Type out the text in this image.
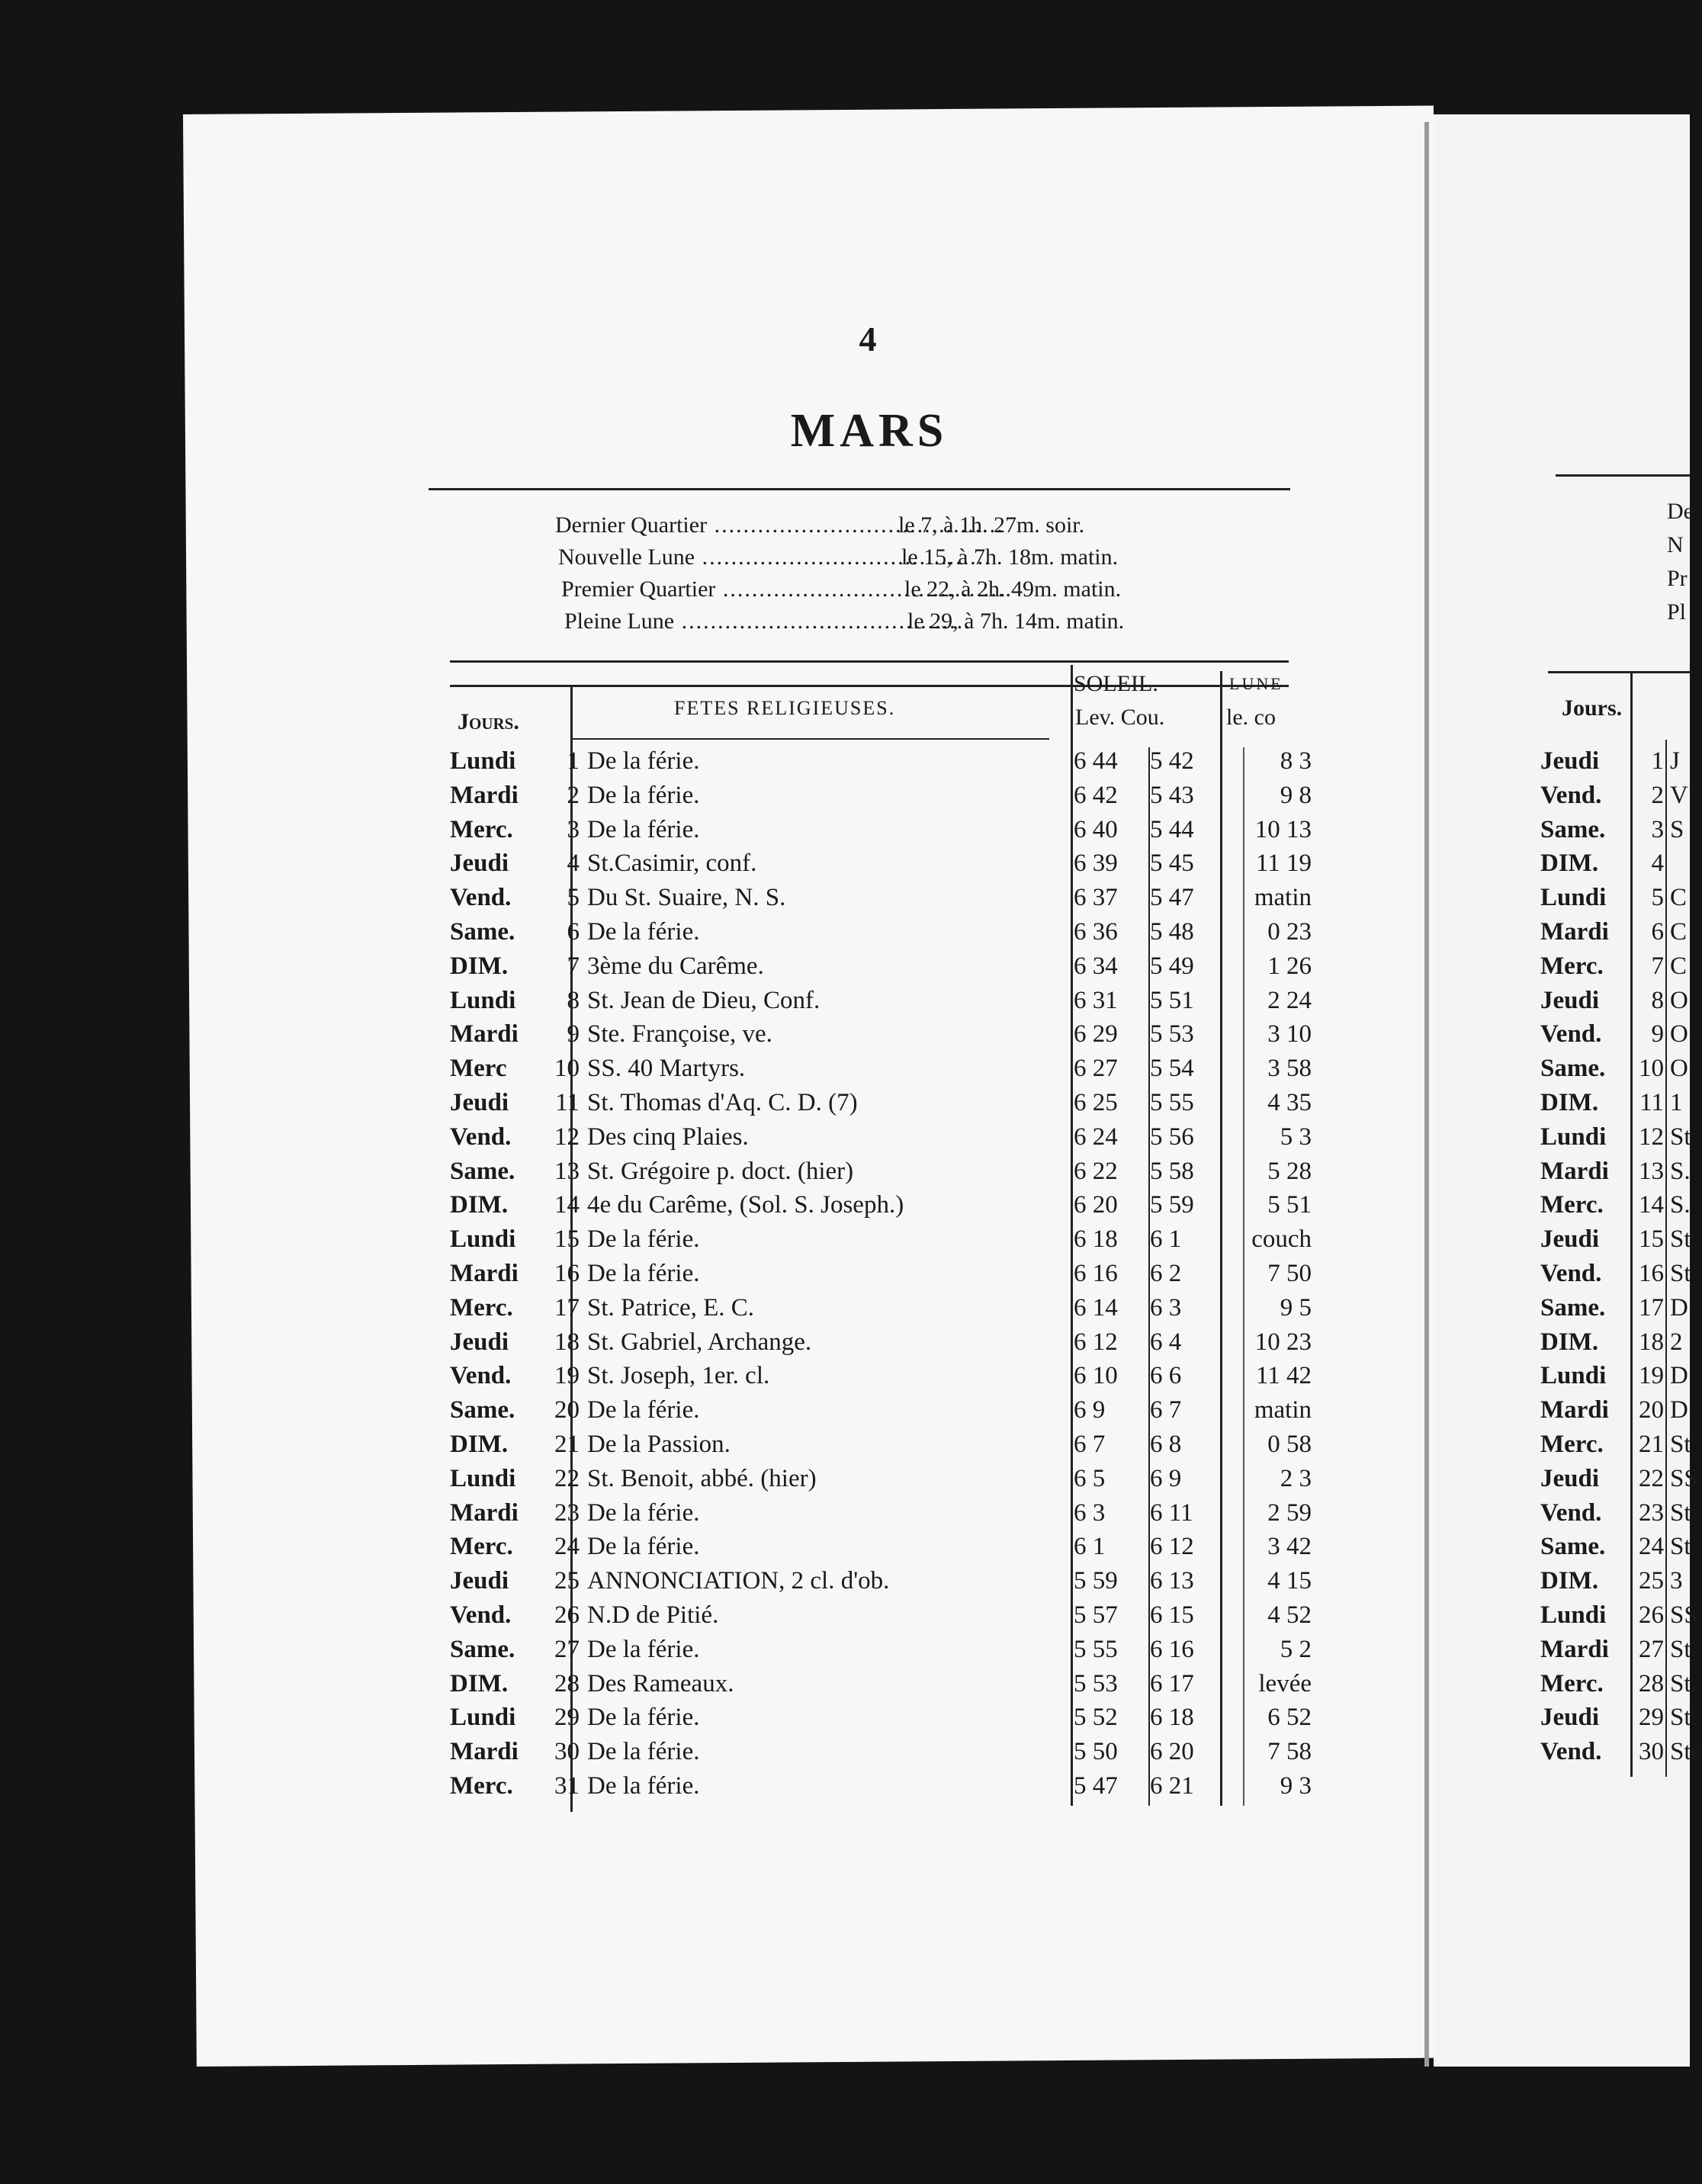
4
MARS
Dernier Quartier .....	le 7, à 1h. 27m. soir.
Nouvelle Lune .....	le 15, à 7h. 18m. matin.
Premier Quartier .....	le 22, à 2h. 49m. matin.
Pleine Lune .....	le 29, à 7h. 14m. matin.
Jours.
FETES RELIGIEUSES.
SOLEIL.	LUNE
Lev. Cou.	le. co
Lundi	1 De la férie.	6 44	5 42	8 3
Mardi	2 De la férie.	6 42	5 43	9 8
Merc.	3 De la férie.	6 40	5 44	10 13
Jeudi	4 St.Casimir, conf.	6 39	5 45	11 19
Vend.	5 Du St. Suaire, N. S.	6 37	5 47	matin
Same.	6 De la férie.	6 36	5 48	0 23
DIM.	7 3ème du Carême.	6 34	5 49	1 26
Lundi	8 St. Jean de Dieu, Conf.	6 31	5 51	2 24
Mardi	9 Ste. Françoise, ve.	6 29	5 53	3 10
Merc	10 SS. 40 Martyrs.	6 27	5 54	3 58
Jeudi	11 St. Thomas d'Aq. C. D. (7)	6 25	5 55	4 35
Vend.	12 Des cinq Plaies.	6 24	5 56	5 3
Same.	13 St. Grégoire p. doct. (hier)	6 22	5 58	5 28
DIM.	14 4e du Carême, (Sol. S. Joseph.)	6 20	5 59	5 51
Lundi	15 De la férie.	6 18	6 1	couch
Mardi	16 De la férie.	6 16	6 2	7 50
Merc.	17 St. Patrice, E. C.	6 14	6 3	9 5
Jeudi	18 St. Gabriel, Archange.	6 12	6 4	10 23
Vend.	19 St. Joseph, 1er. cl.	6 10	6 6	11 42
Same.	20 De la férie.	6 9	6 7	matin
DIM.	21 De la Passion.	6 7	6 8	0 58
Lundi	22 St. Benoit, abbé. (hier)	6 5	6 9	2 3
Mardi	23 De la férie.	6 3	6 11	2 59
Merc.	24 De la férie.	6 1	6 12	3 42
Jeudi	25 ANNONCIATION, 2 cl. d'ob.	5 59	6 13	4 15
Vend.	26 N.D de Pitié.	5 57	6 15	4 52
Same.	27 De la férie.	5 55	6 16	5 2
DIM.	28 Des Rameaux.	5 53	6 17	levée
Lundi	29 De la férie.	5 52	6 18	6 52
Mardi	30 De la férie.	5 50	6 20	7 58
Merc.	31 De la férie.	5 47	6 21	9 3
De
N
Pr
Pl
Jours.
Jeudi	1 J
Vend.	2 V
Same.	3 S
DIM.	4
Lundi	5 C
Mardi	6 C
Merc.	7 C
Jeudi	8 O
Vend.	9 O
Same.	10 O
DIM.	11 1
Lundi	12 St
Mardi	13 S.
Merc.	14 S.
Jeudi	15 St
Vend.	16 St
Same.	17 D
DIM.	18 2
Lundi	19 D
Mardi	20 D
Merc.	21 St
Jeudi	22 SS
Vend.	23 St
Same.	24 St
DIM.	25 3
Lundi	26 SS
Mardi	27 St.
Merc.	28 St.
Jeudi	29 St.
Vend.	30 Ste
